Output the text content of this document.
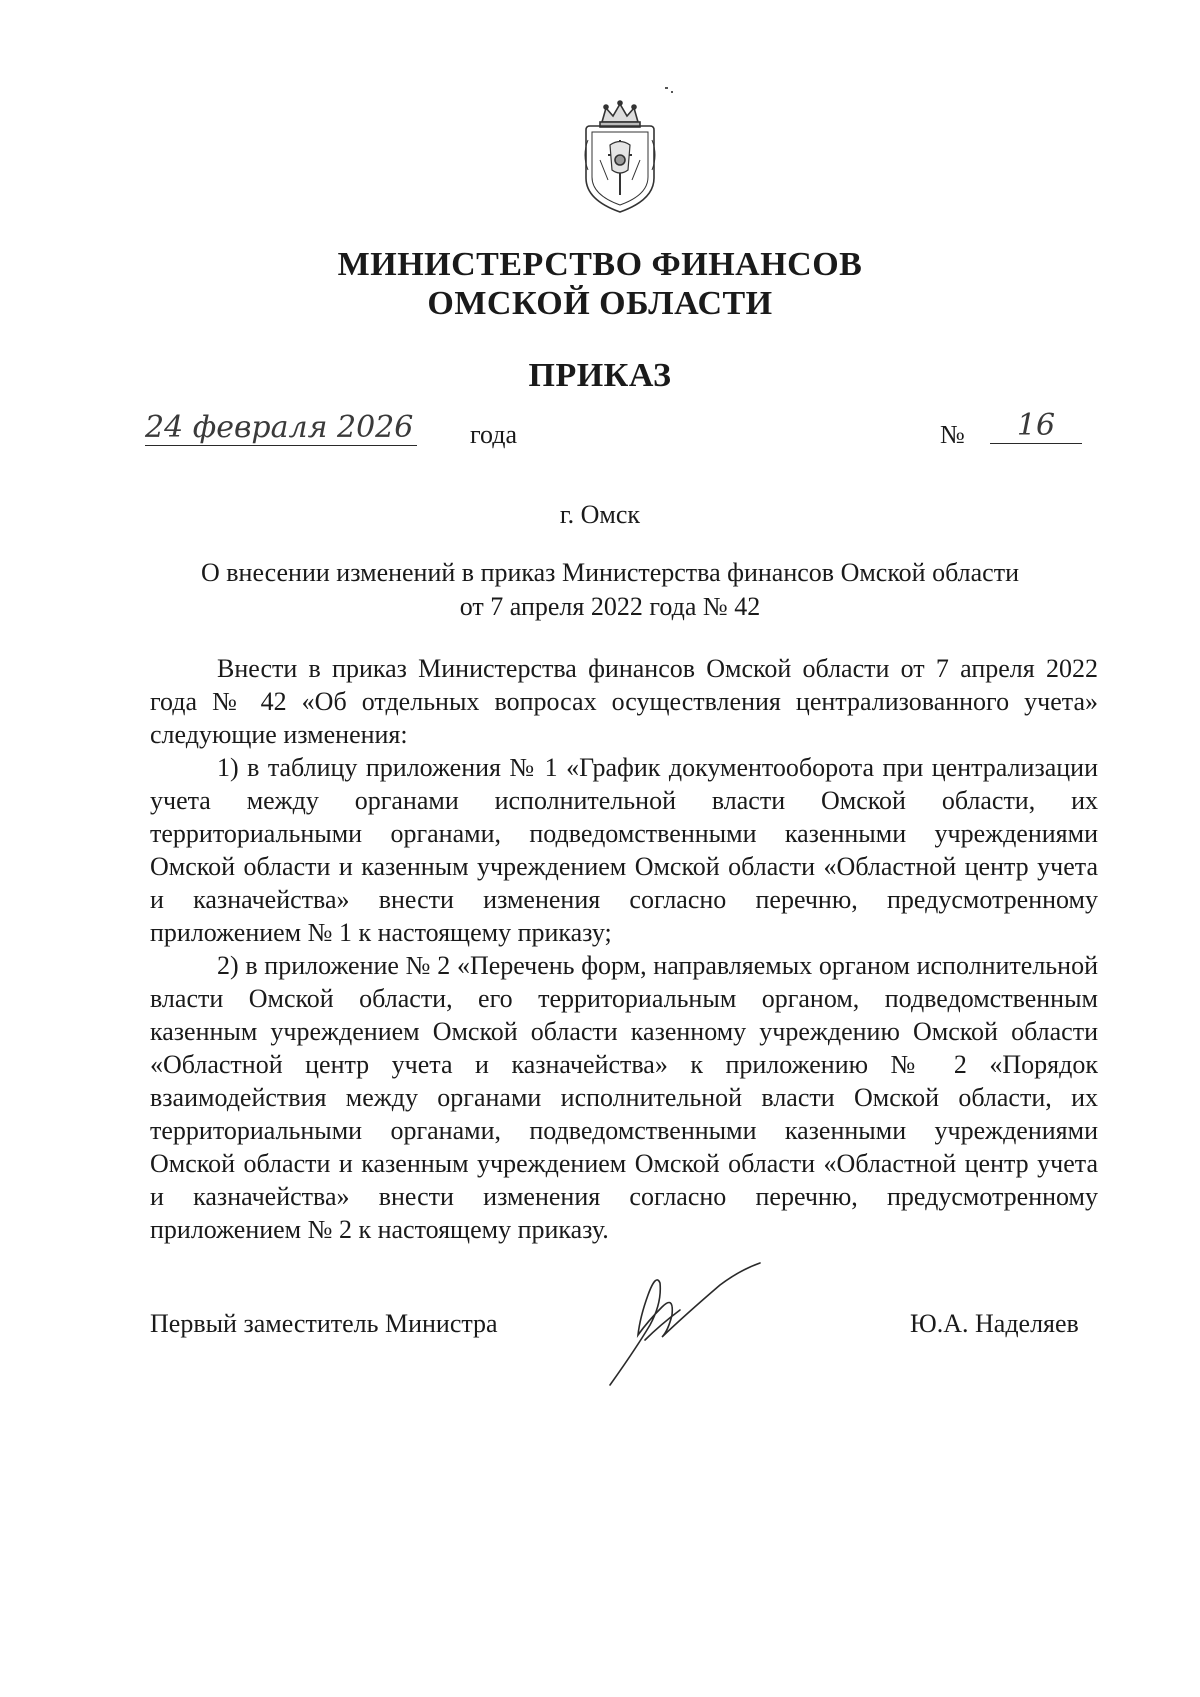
МИНИСТЕРСТВО ФИНАНСОВ
ОМСКОЙ ОБЛАСТИ
ПРИКАЗ
24 февраля 2026 года	№	16
г. Омск
О внесении изменений в приказ Министерства финансов Омской области
от 7 апреля 2022 года № 42

Внести в приказ Министерства финансов Омской области от 7 апреля 2022 года № 42 «Об отдельных вопросах осуществления централизованного учета» следующие изменения:

1) в таблицу приложения № 1 «График документооборота при централизации учета между органами исполнительной власти Омской области, их территориальными органами, подведомственными казенными учреждениями Омской области и казенным учреждением Омской области «Областной центр учета и казначейства» внести изменения согласно перечню, предусмотренному приложением № 1 к настоящему приказу;

2) в приложение № 2 «Перечень форм, направляемых органом исполнительной власти Омской области, его территориальным органом, подведомственным казенным учреждением Омской области казенному учреждению Омской области «Областной центр учета и казначейства» к приложению № 2 «Порядок взаимодействия между органами исполнительной власти Омской области, их территориальными органами, подведомственными казенными учреждениями Омской области и казенным учреждением Омской области «Областной центр учета и казначейства» внести изменения согласно перечню, предусмотренному приложением № 2 к настоящему приказу.

Первый заместитель Министра	Ю.А. Наделяев
